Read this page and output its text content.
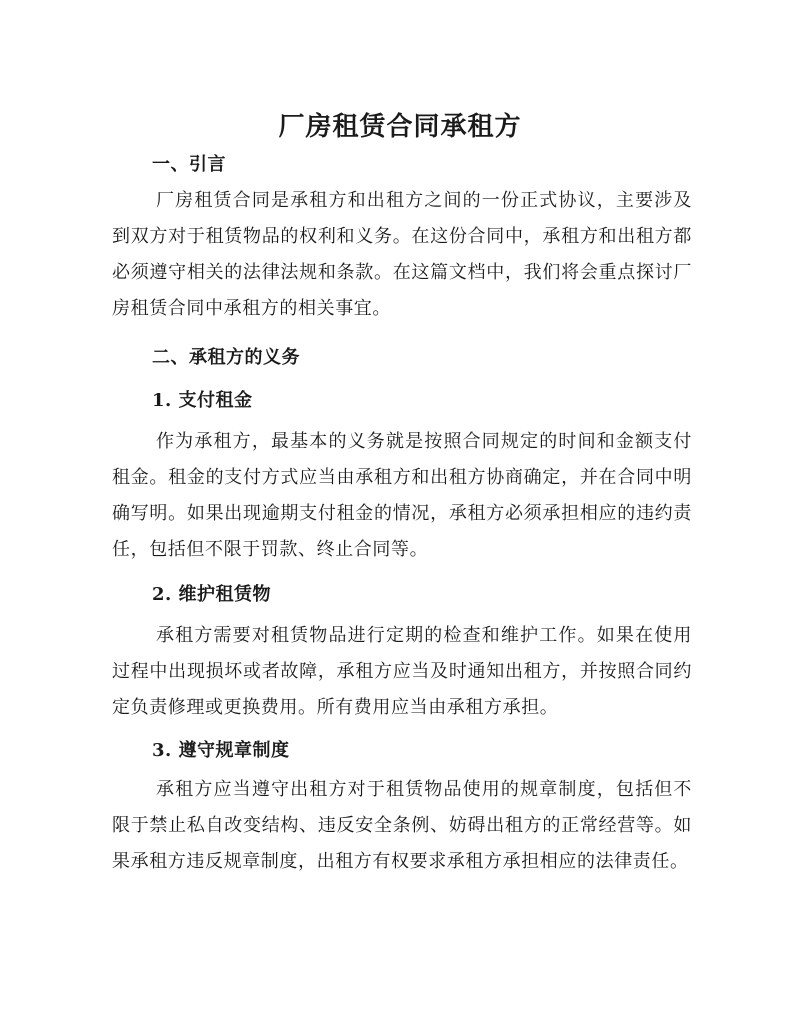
厂房租赁合同承租方
一、引言

厂房租赁合同是承租方和出租方之间的一份正式协议，主要涉及到双方对于租赁物品的权利和义务。在这份合同中，承租方和出租方都必须遵守相关的法律法规和条款。在这篇文档中，我们将会重点探讨厂房租赁合同中承租方的相关事宜。

二、承租方的义务
1. 支付租金

作为承租方，最基本的义务就是按照合同规定的时间和金额支付租金。租金的支付方式应当由承租方和出租方协商确定，并在合同中明确写明。如果出现逾期支付租金的情况，承租方必须承担相应的违约责任，包括但不限于罚款、终止合同等。

2. 维护租赁物

承租方需要对租赁物品进行定期的检查和维护工作。如果在使用过程中出现损坏或者故障，承租方应当及时通知出租方，并按照合同约定负责修理或更换费用。所有费用应当由承租方承担。

3. 遵守规章制度

承租方应当遵守出租方对于租赁物品使用的规章制度，包括但不限于禁止私自改变结构、违反安全条例、妨碍出租方的正常经营等。如果承租方违反规章制度，出租方有权要求承租方承担相应的法律责任。
